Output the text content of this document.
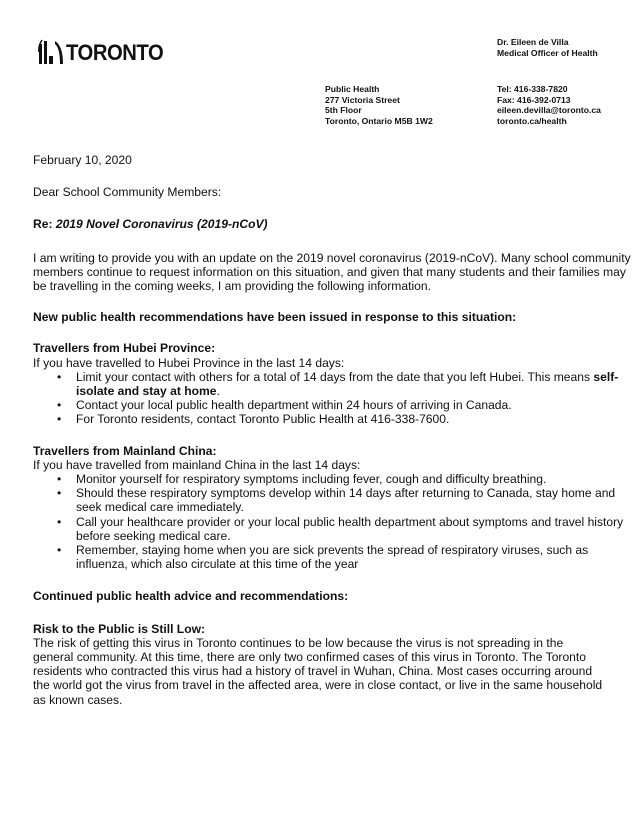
TORONTO	Dr. Eileen de Villa
Medical Officer of Health
Public Health
277 Victoria Street
5th Floor
Toronto, Ontario M5B 1W2
Tel: 416-338-7820
Fax: 416-392-0713
eileen.devilla@toronto.ca
toronto.ca/health

February 10, 2020

Dear School Community Members:

Re: 2019 Novel Coronavirus (2019-nCoV)

I am writing to provide you with an update on the 2019 novel coronavirus (2019-nCoV). Many school community members continue to request information on this situation, and given that many students and their families may be travelling in the coming weeks, I am providing the following information.

New public health recommendations have been issued in response to this situation:

Travellers from Hubei Province:

If you have travelled to Hubei Province in the last 14 days:

• Limit your contact with others for a total of 14 days from the date that you left Hubei. This means self-isolate and stay at home.
• Contact your local public health department within 24 hours of arriving in Canada.
• For Toronto residents, contact Toronto Public Health at 416-338-7600.

Travellers from Mainland China:

If you have travelled from mainland China in the last 14 days:

• Monitor yourself for respiratory symptoms including fever, cough and difficulty breathing.
• Should these respiratory symptoms develop within 14 days after returning to Canada, stay home and seek medical care immediately.
• Call your healthcare provider or your local public health department about symptoms and travel history before seeking medical care.
• Remember, staying home when you are sick prevents the spread of respiratory viruses, such as influenza, which also circulate at this time of the year

Continued public health advice and recommendations:

Risk to the Public is Still Low:

The risk of getting this virus in Toronto continues to be low because the virus is not spreading in the general community. At this time, there are only two confirmed cases of this virus in Toronto. The Toronto residents who contracted this virus had a history of travel in Wuhan, China. Most cases occurring around the world got the virus from travel in the affected area, were in close contact, or live in the same household as known cases.
